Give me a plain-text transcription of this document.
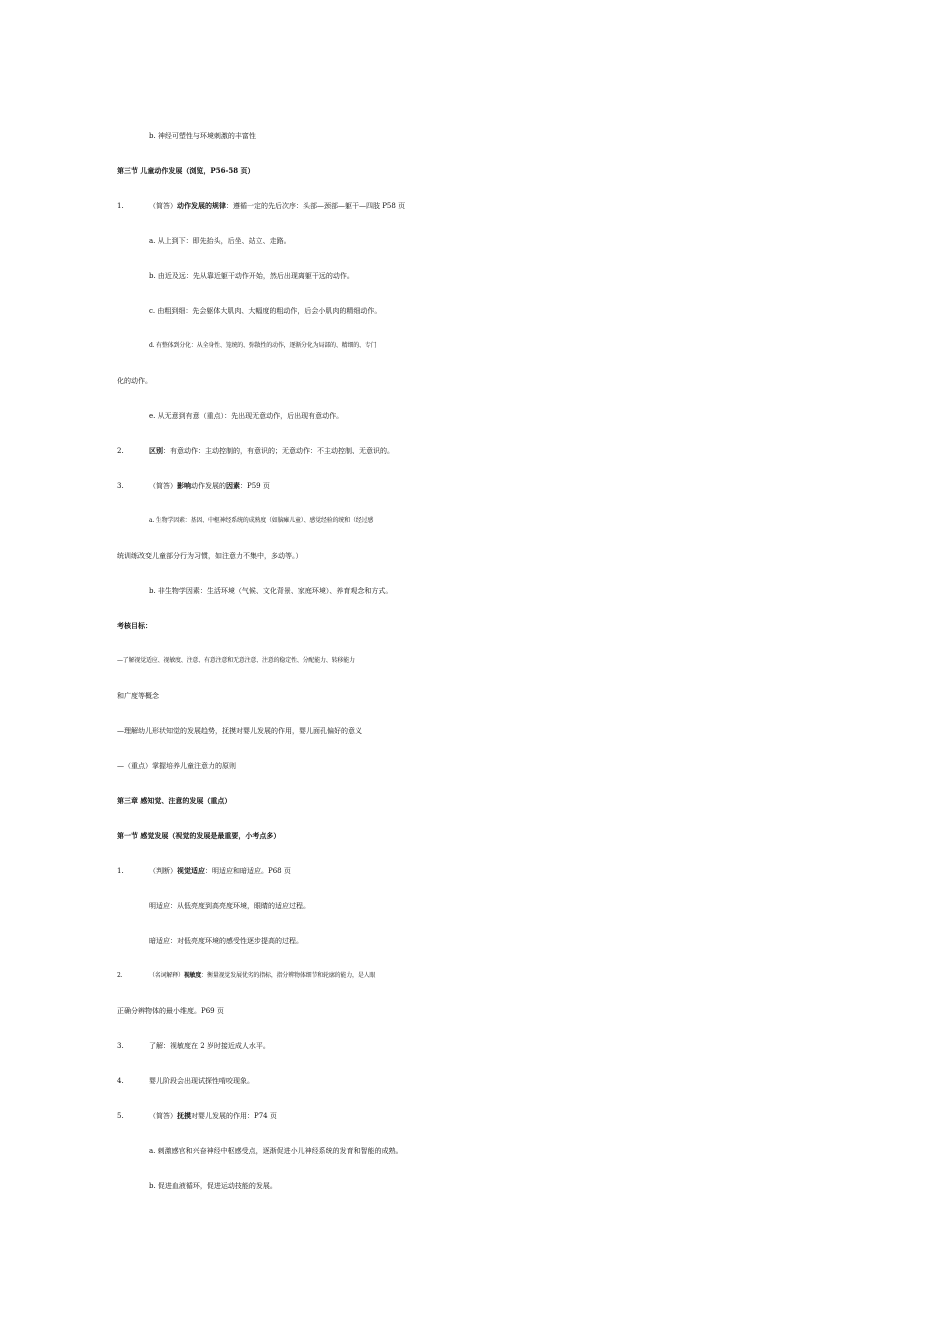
b. 神经可塑性与环境刺激的丰富性
第三节 儿童动作发展（浏览，P56-58 页）
1.	（简答）动作发展的规律：遵循一定的先后次序：头部—颈部—躯干—四肢 P58 页
a. 从上到下：即先抬头，后坐、站立、走路。
b. 由近及远：先从靠近躯干动作开始，然后出现离躯干远的动作。
c. 由粗到细：先会躯体大肌肉、大幅度的粗动作，后会小肌肉的精细动作。
d. 有整体到分化：从全身性、笼统的、弥散性的动作，逐渐分化为局部的、精细的、专门
化的动作。
e. 从无意到有意（重点）：先出现无意动作，后出现有意动作。
2.	区别：有意动作：主动控制的，有意识的；无意动作：不主动控制、无意识的。
3.	（简答）影响动作发展的因素：P59 页
a. 生物学因素：基因、中枢神经系统的成熟度（如脑瘫儿童）、感觉经验的统和（经过感
统训练改变儿童部分行为习惯，如注意力不集中，多动等。）
b. 非生物学因素：生活环境（气候、文化背景、家庭环境）、养育观念和方式。
考核目标：
—了解视觉适应、视敏度、注意、有意注意和无意注意、注意的稳定性、分配能力、转移能力
和广度等概念
—理解幼儿形状知觉的发展趋势，抚摸对婴儿发展的作用，婴儿面孔偏好的意义
—（重点）掌握培养儿童注意力的原则
第三章 感知觉、注意的发展（重点）
第一节 感觉发展（视觉的发展是最重要，小考点多）
1.	（判断）视觉适应：明适应和暗适应。P68 页
明适应：从低亮度到高亮度环境，眼睛的适应过程。
暗适应：对低亮度环境的感受性逐步提高的过程。
2.	（名词解释）视敏度：衡量视觉发展优劣的指标，指分辨物体细节和轮廓的能力，是人眼
正确分辨物体的最小维度。P69 页
3.	了解：视敏度在 2 岁时接近成人水平。
4.	婴儿阶段会出现试探性啃咬现象。
5.	（简答）抚摸对婴儿发展的作用：P74 页
a. 刺激感官和兴奋神经中枢感受点，逐渐促进小儿神经系统的发育和智能的成熟。
b. 促进血液循环，促进运动技能的发展。
